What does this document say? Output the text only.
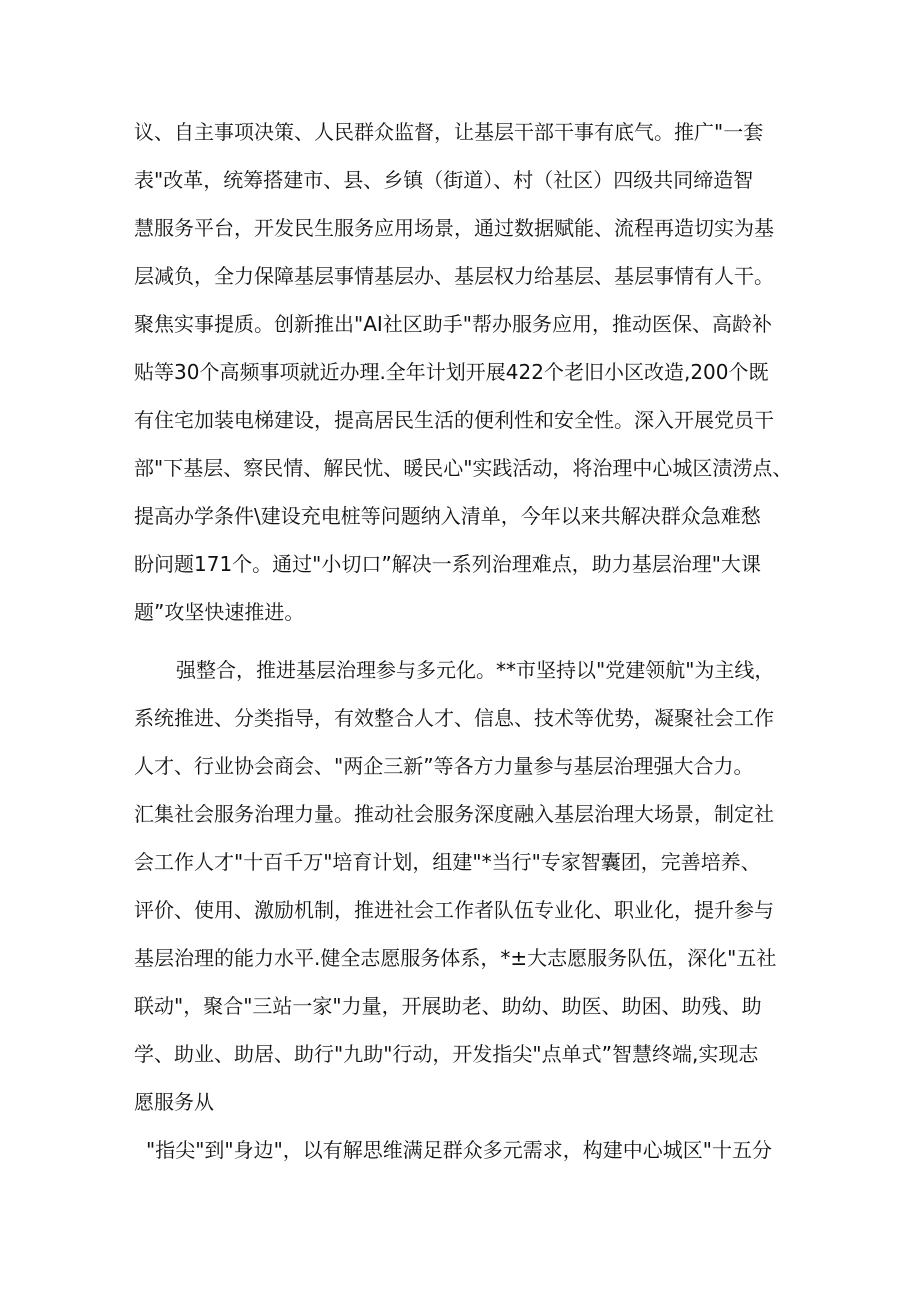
议、自主事项决策、人民群众监督，让基层干部干事有底气。推广"一套
表"改革，统筹搭建市、县、乡镇（街道）、村（社区）四级共同缔造智
慧服务平台，开发民生服务应用场景，通过数据赋能、流程再造切实为基
层减负，全力保障基层事情基层办、基层权力给基层、基层事情有人干。
聚焦实事提质。创新推出"AI社区助手"帮办服务应用，推动医保、高龄补
贴等30个高频事项就近办理.全年计划开展422个老旧小区改造,200个既
有住宅加装电梯建设，提高居民生活的便利性和安全性。深入开展党员干
部"下基层、察民情、解民忧、暖民心"实践活动，将治理中心城区渍涝点、
提高办学条件\建设充电桩等问题纳入清单，今年以来共解决群众急难愁
盼问题171个。通过"小切口”解决一系列治理难点，助力基层治理"大课
题”攻坚快速推进。
强整合，推进基层治理参与多元化。**市坚持以"党建领航"为主线，
系统推进、分类指导，有效整合人才、信息、技术等优势，凝聚社会工作
人才、行业协会商会、"两企三新”等各方力量参与基层治理强大合力。
汇集社会服务治理力量。推动社会服务深度融入基层治理大场景，制定社
会工作人才"十百千万"培育计划，组建"*当行"专家智囊团，完善培养、
评价、使用、激励机制，推进社会工作者队伍专业化、职业化，提升参与
基层治理的能力水平.健全志愿服务体系，*±大志愿服务队伍，深化"五社
联动"，聚合"三站一家"力量，开展助老、助幼、助医、助困、助残、助
学、助业、助居、助行"九助"行动，开发指尖"点单式”智慧终端,实现志
愿服务从
"指尖"到"身边"，以有解思维满足群众多元需求，构建中心城区"十五分
